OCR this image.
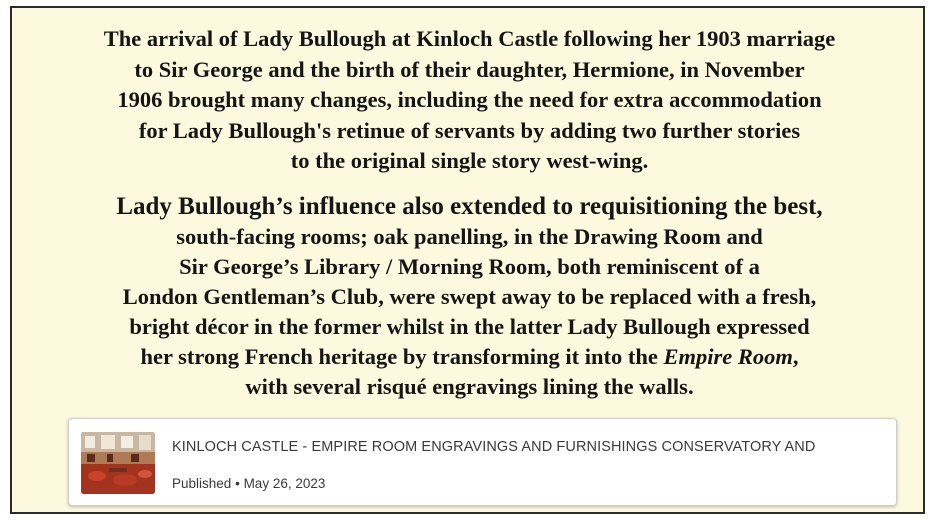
The arrival of Lady Bullough at Kinloch Castle following her 1903 marriage
to Sir George and the birth of their daughter, Hermione, in November
1906 brought many changes, including the need for extra accommodation
for Lady Bullough's retinue of servants by adding two further stories
to the original single story west-wing.

Lady Bullough’s influence also extended to requisitioning the best,
south-facing rooms; oak panelling, in the Drawing Room and
Sir George’s Library / Morning Room, both reminiscent of a
London Gentleman’s Club, were swept away to be replaced with a fresh,
bright décor in the former whilst in the latter Lady Bullough expressed
her strong French heritage by transforming it into the Empire Room,
with several risqué engravings lining the walls.

KINLOCH CASTLE - EMPIRE ROOM ENGRAVINGS AND FURNISHINGS CONSERVATORY AND
Published • May 26, 2023
